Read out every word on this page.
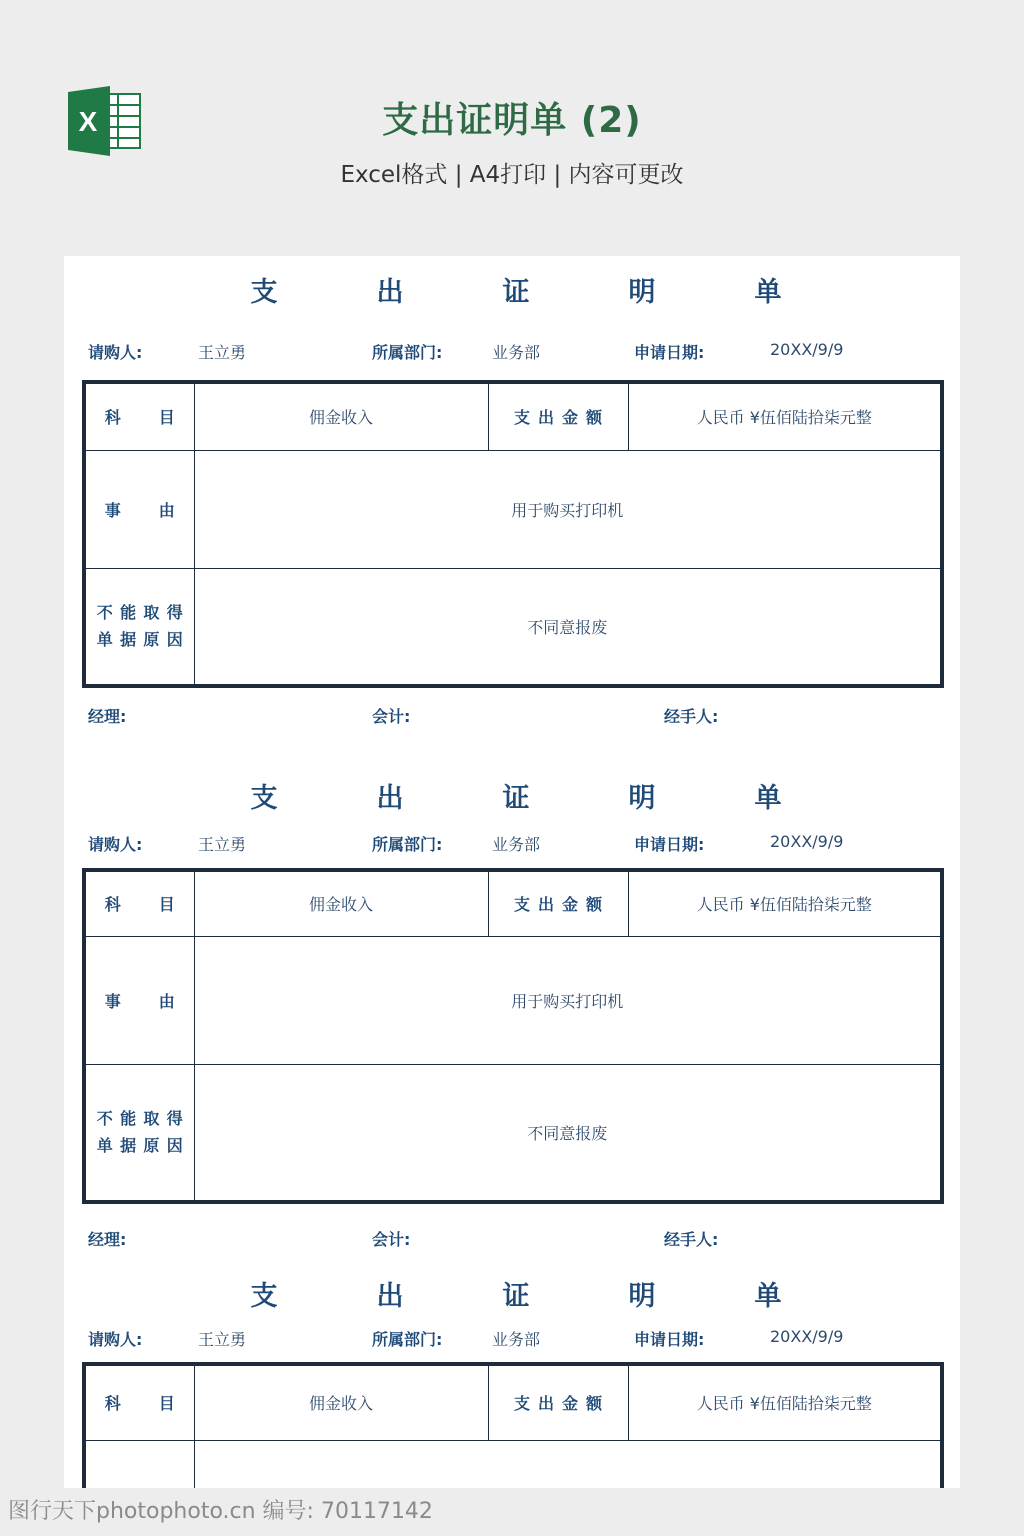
X	支出证明单 (2)
Excel格式 | A4打印 | 内容可更改
支	出	证	明	单
请购人:	王立勇	所属部门:	业务部	申请日期:	20XX/9/9
科　目	佣金收入	支出金额	人民币 ¥伍佰陆拾柒元整
事　由	用于购买打印机		
不能取得
单据原因	不同意报废		
经理:	会计:	经手人:
支	出	证	明	单
请购人:	王立勇	所属部门:	业务部	申请日期:	20XX/9/9
科　目	佣金收入	支出金额	人民币 ¥伍佰陆拾柒元整
事　由	用于购买打印机		
不能取得
单据原因	不同意报废		
经理:	会计:	经手人:
支	出	证	明	单
请购人:	王立勇	所属部门:	业务部	申请日期:	20XX/9/9
科　目	佣金收入	支出金额	人民币 ¥伍佰陆拾柒元整

图行天下photophoto.cn 编号: 70117142
